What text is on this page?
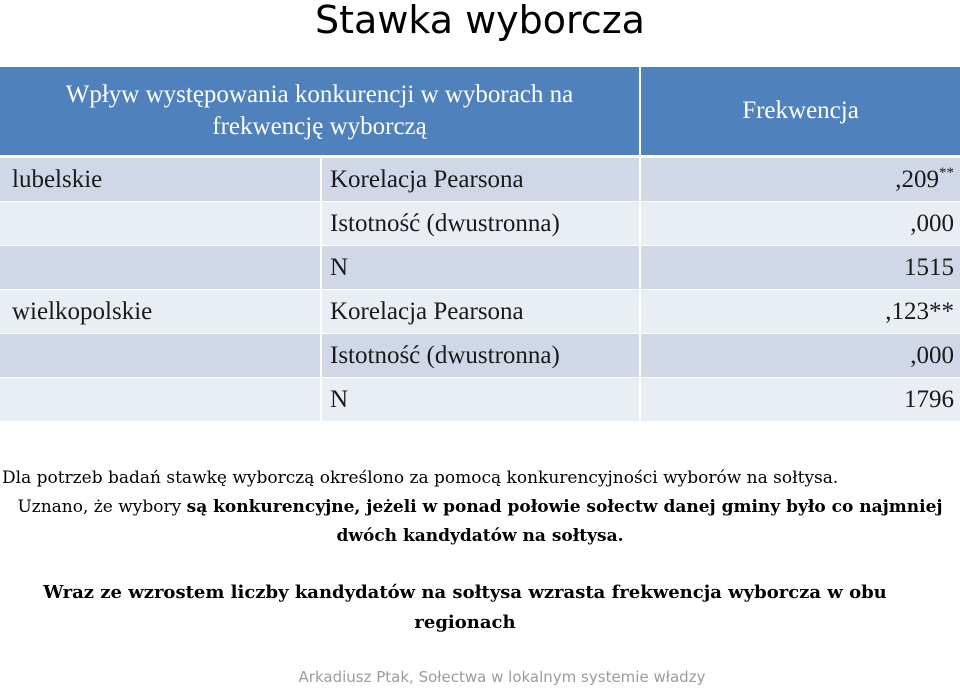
Stawka wyborcza
Wpływ występowania konkurencji w wyborach na frekwencję wyborczą		Frekwencja
lubelskie	Korelacja Pearsona	,209**
	Istotność (dwustronna)	,000
	N	1515
wielkopolskie	Korelacja Pearsona	,123**
	Istotność (dwustronna)	,000
	N	1796

Dla potrzeb badań stawkę wyborczą określono za pomocą konkurencyjności wyborów na sołtysa.
Uznano, że wybory są konkurencyjne, jeżeli w ponad połowie sołectw danej gminy było co najmniej dwóch kandydatów na sołtysa.

Wraz ze wzrostem liczby kandydatów na sołtysa wzrasta frekwencja wyborcza w obu regionach

Arkadiusz Ptak, Sołectwa w lokalnym systemie władzy
